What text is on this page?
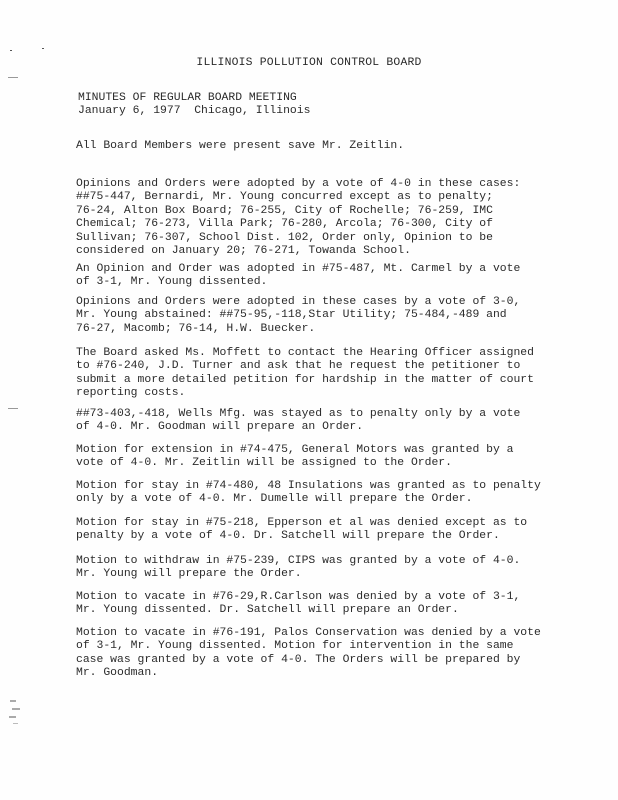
ILLINOIS POLLUTION CONTROL BOARD
MINUTES OF REGULAR BOARD MEETING
January 6, 1977  Chicago, Illinois
All Board Members were present save Mr. Zeitlin.
Opinions and Orders were adopted by a vote of 4-0 in these cases:
##75-447, Bernardi, Mr. Young concurred except as to penalty;
76-24, Alton Box Board; 76-255, City of Rochelle; 76-259, IMC
Chemical; 76-273, Villa Park; 76-280, Arcola; 76-300, City of
Sullivan; 76-307, School Dist. 102, Order only, Opinion to be
considered on January 20; 76-271, Towanda School.
An Opinion and Order was adopted in #75-487, Mt. Carmel by a vote
of 3-1, Mr. Young dissented.
Opinions and Orders were adopted in these cases by a vote of 3-0,
Mr. Young abstained: ##75-95,-118,Star Utility; 75-484,-489 and
76-27, Macomb; 76-14, H.W. Buecker.
The Board asked Ms. Moffett to contact the Hearing Officer assigned
to #76-240, J.D. Turner and ask that he request the petitioner to
submit a more detailed petition for hardship in the matter of court
reporting costs.
##73-403,-418, Wells Mfg. was stayed as to penalty only by a vote
of 4-0. Mr. Goodman will prepare an Order.
Motion for extension in #74-475, General Motors was granted by a
vote of 4-0. Mr. Zeitlin will be assigned to the Order.
Motion for stay in #74-480, 48 Insulations was granted as to penalty
only by a vote of 4-0. Mr. Dumelle will prepare the Order.
Motion for stay in #75-218, Epperson et al was denied except as to
penalty by a vote of 4-0. Dr. Satchell will prepare the Order.
Motion to withdraw in #75-239, CIPS was granted by a vote of 4-0.
Mr. Young will prepare the Order.
Motion to vacate in #76-29,R.Carlson was denied by a vote of 3-1,
Mr. Young dissented. Dr. Satchell will prepare an Order.
Motion to vacate in #76-191, Palos Conservation was denied by a vote
of 3-1, Mr. Young dissented. Motion for intervention in the same
case was granted by a vote of 4-0. The Orders will be prepared by
Mr. Goodman.
